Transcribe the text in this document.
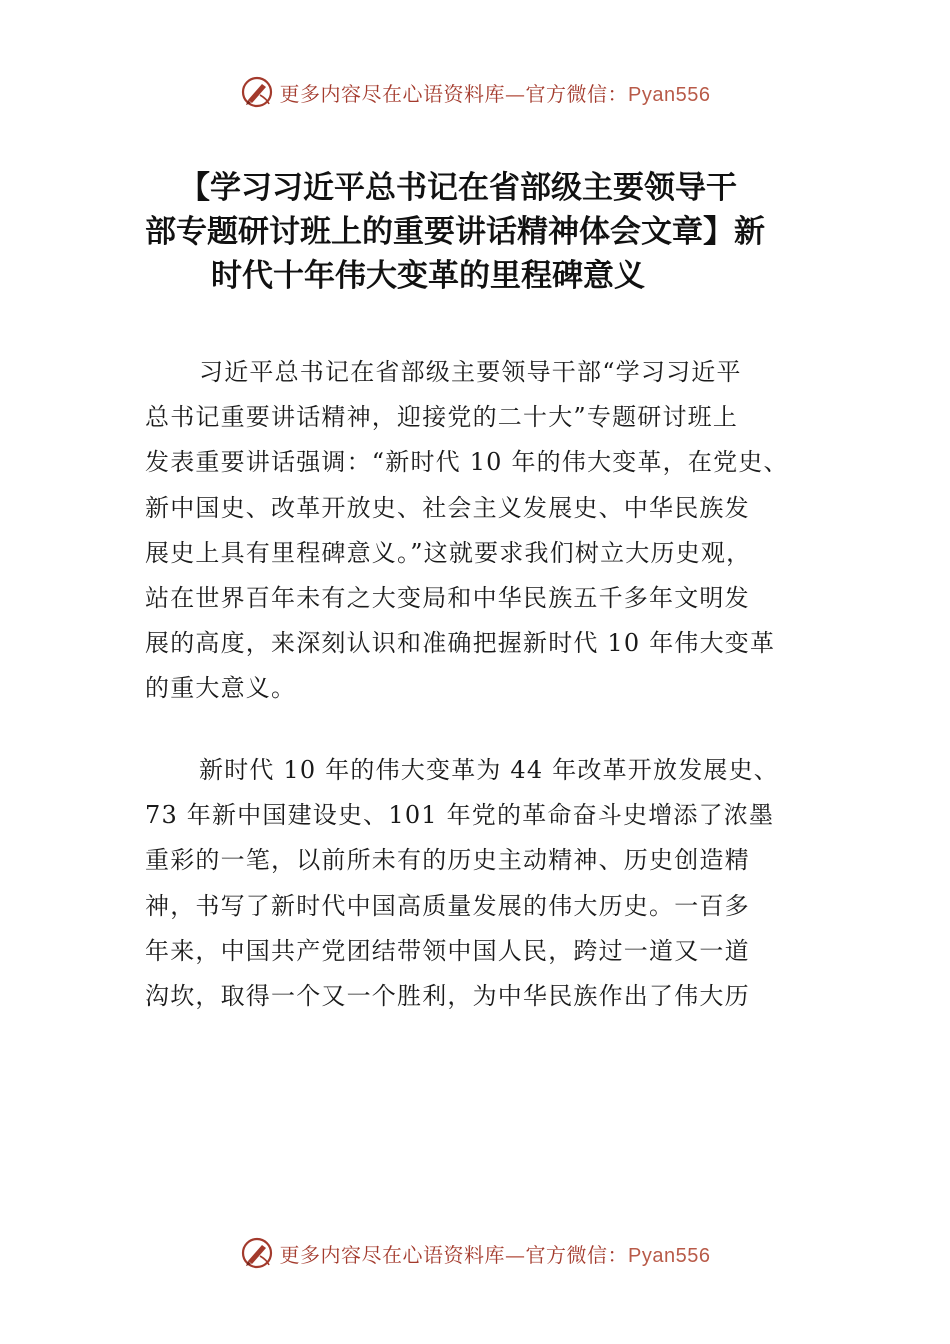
更多内容尽在心语资料库—官方微信：Pyan556
【学习习近平总书记在省部级主要领导干
部专题研讨班上的重要讲话精神体会文章】新
时代十年伟大变革的里程碑意义
习近平总书记在省部级主要领导干部“学习习近平
总书记重要讲话精神，迎接党的二十大”专题研讨班上
发表重要讲话强调：“新时代 10 年的伟大变革，在党史、
新中国史、改革开放史、社会主义发展史、中华民族发
展史上具有里程碑意义。”这就要求我们树立大历史观，
站在世界百年未有之大变局和中华民族五千多年文明发
展的高度，来深刻认识和准确把握新时代 10 年伟大变革
的重大意义。
新时代 10 年的伟大变革为 44 年改革开放发展史、
73 年新中国建设史、101 年党的革命奋斗史增添了浓墨
重彩的一笔，以前所未有的历史主动精神、历史创造精
神，书写了新时代中国高质量发展的伟大历史。一百多
年来，中国共产党团结带领中国人民，跨过一道又一道
沟坎，取得一个又一个胜利，为中华民族作出了伟大历
更多内容尽在心语资料库—官方微信：Pyan556
